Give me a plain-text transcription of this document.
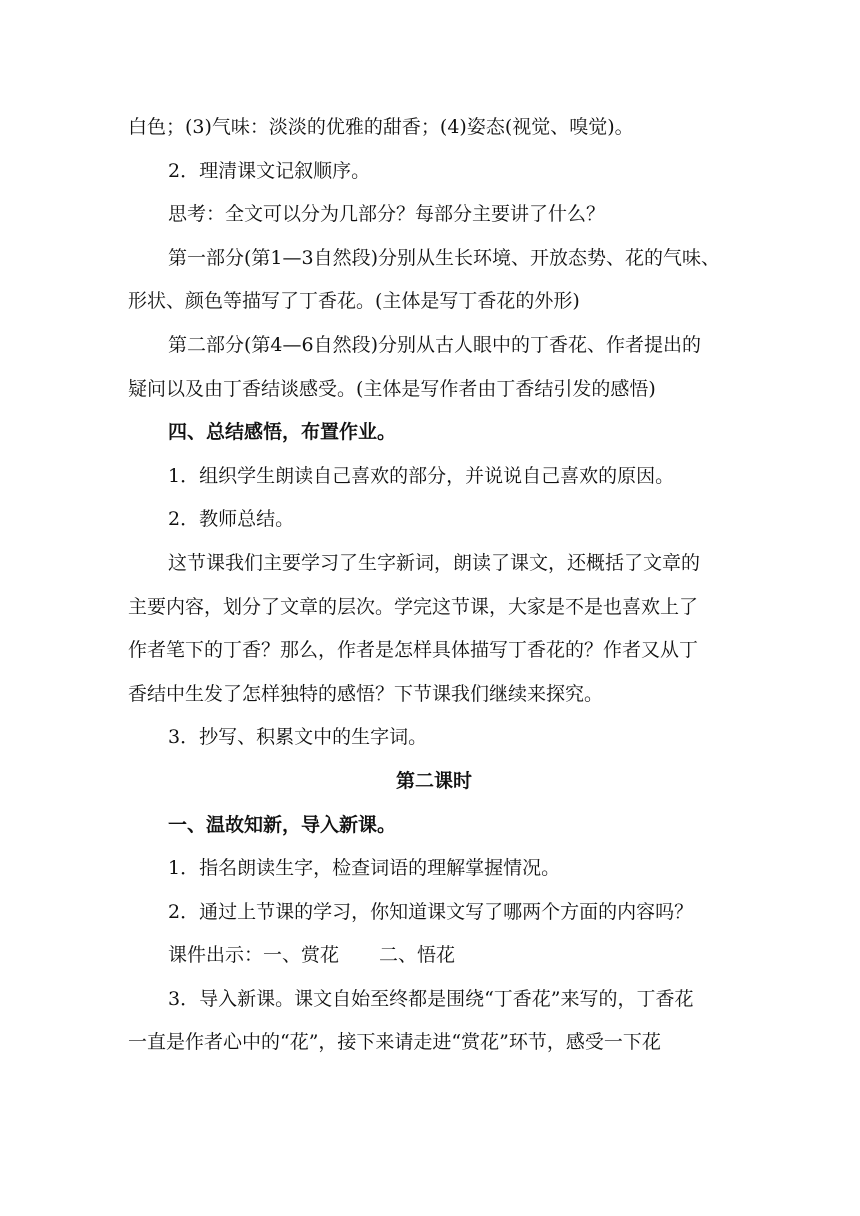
白色；(3)气味：淡淡的优雅的甜香；(4)姿态(视觉、嗅觉)。
2．理清课文记叙顺序。
思考：全文可以分为几部分？每部分主要讲了什么？
第一部分(第1—3自然段)分别从生长环境、开放态势、花的气味、
形状、颜色等描写了丁香花。(主体是写丁香花的外形)
第二部分(第4—6自然段)分别从古人眼中的丁香花、作者提出的
疑问以及由丁香结谈感受。(主体是写作者由丁香结引发的感悟)
四、总结感悟，布置作业。
1．组织学生朗读自己喜欢的部分，并说说自己喜欢的原因。
2．教师总结。
这节课我们主要学习了生字新词，朗读了课文，还概括了文章的
主要内容，划分了文章的层次。学完这节课，大家是不是也喜欢上了
作者笔下的丁香？那么，作者是怎样具体描写丁香花的？作者又从丁
香结中生发了怎样独特的感悟？下节课我们继续来探究。
3．抄写、积累文中的生字词。
第二课时
一、温故知新，导入新课。
1．指名朗读生字，检查词语的理解掌握情况。
2．通过上节课的学习，你知道课文写了哪两个方面的内容吗？
课件出示：一、赏花 二、悟花
3．导入新课。课文自始至终都是围绕“丁香花”来写的，丁香花
一直是作者心中的“花”，接下来请走进“赏花”环节，感受一下花
